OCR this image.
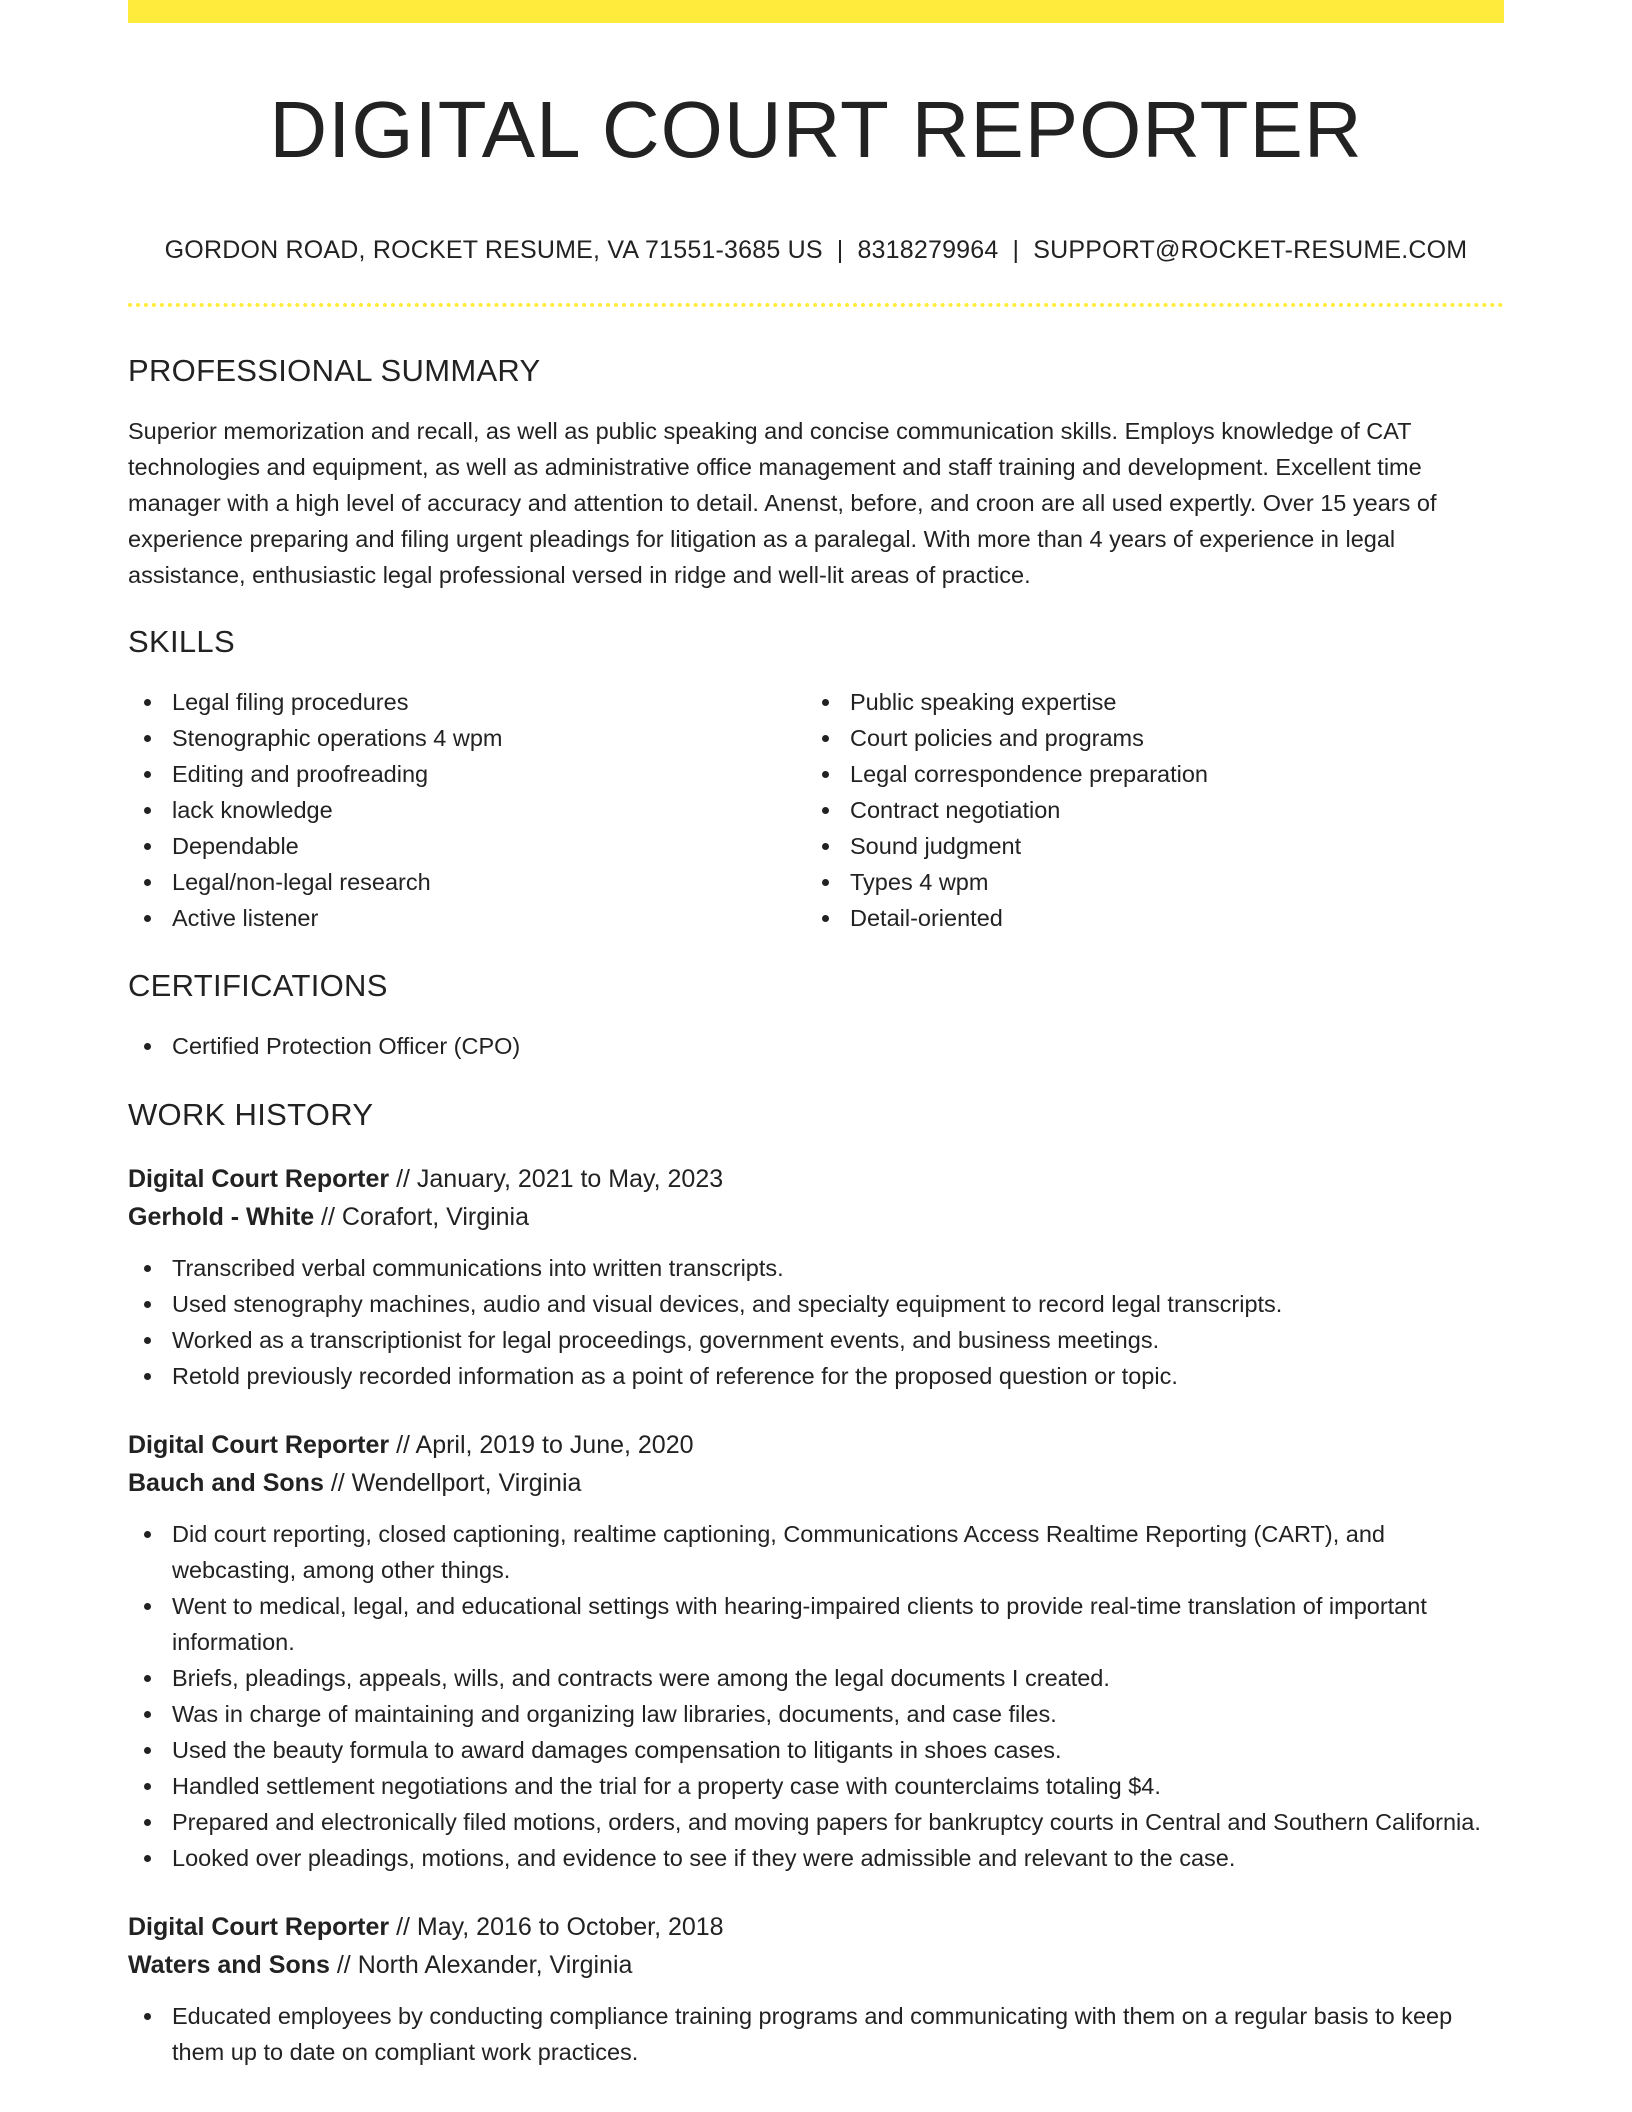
DIGITAL COURT REPORTER
GORDON ROAD, ROCKET RESUME, VA 71551-3685 US | 8318279964 | SUPPORT@ROCKET-RESUME.COM
PROFESSIONAL SUMMARY

Superior memorization and recall, as well as public speaking and concise communication skills. Employs knowledge of CAT technologies and equipment, as well as administrative office management and staff training and development. Excellent time manager with a high level of accuracy and attention to detail. Anenst, before, and croon are all used expertly. Over 15 years of experience preparing and filing urgent pleadings for litigation as a paralegal. With more than 4 years of experience in legal assistance, enthusiastic legal professional versed in ridge and well-lit areas of practice.

SKILLS
Legal filing procedures
Stenographic operations 4 wpm
Editing and proofreading
lack knowledge
Dependable
Legal/non-legal research
Active listener
Public speaking expertise
Court policies and programs
Legal correspondence preparation
Contract negotiation
Sound judgment
Types 4 wpm
Detail-oriented
CERTIFICATIONS
Certified Protection Officer (CPO)
WORK HISTORY
Digital Court Reporter // January, 2021 to May, 2023
Gerhold - White // Corafort, Virginia
Transcribed verbal communications into written transcripts.
Used stenography machines, audio and visual devices, and specialty equipment to record legal transcripts.
Worked as a transcriptionist for legal proceedings, government events, and business meetings.
Retold previously recorded information as a point of reference for the proposed question or topic.
Digital Court Reporter // April, 2019 to June, 2020
Bauch and Sons // Wendellport, Virginia
Did court reporting, closed captioning, realtime captioning, Communications Access Realtime Reporting (CART), and webcasting, among other things.
Went to medical, legal, and educational settings with hearing-impaired clients to provide real-time translation of important information.
Briefs, pleadings, appeals, wills, and contracts were among the legal documents I created.
Was in charge of maintaining and organizing law libraries, documents, and case files.
Used the beauty formula to award damages compensation to litigants in shoes cases.
Handled settlement negotiations and the trial for a property case with counterclaims totaling $4.
Prepared and electronically filed motions, orders, and moving papers for bankruptcy courts in Central and Southern California.
Looked over pleadings, motions, and evidence to see if they were admissible and relevant to the case.
Digital Court Reporter // May, 2016 to October, 2018
Waters and Sons // North Alexander, Virginia
Educated employees by conducting compliance training programs and communicating with them on a regular basis to keep them up to date on compliant work practices.
